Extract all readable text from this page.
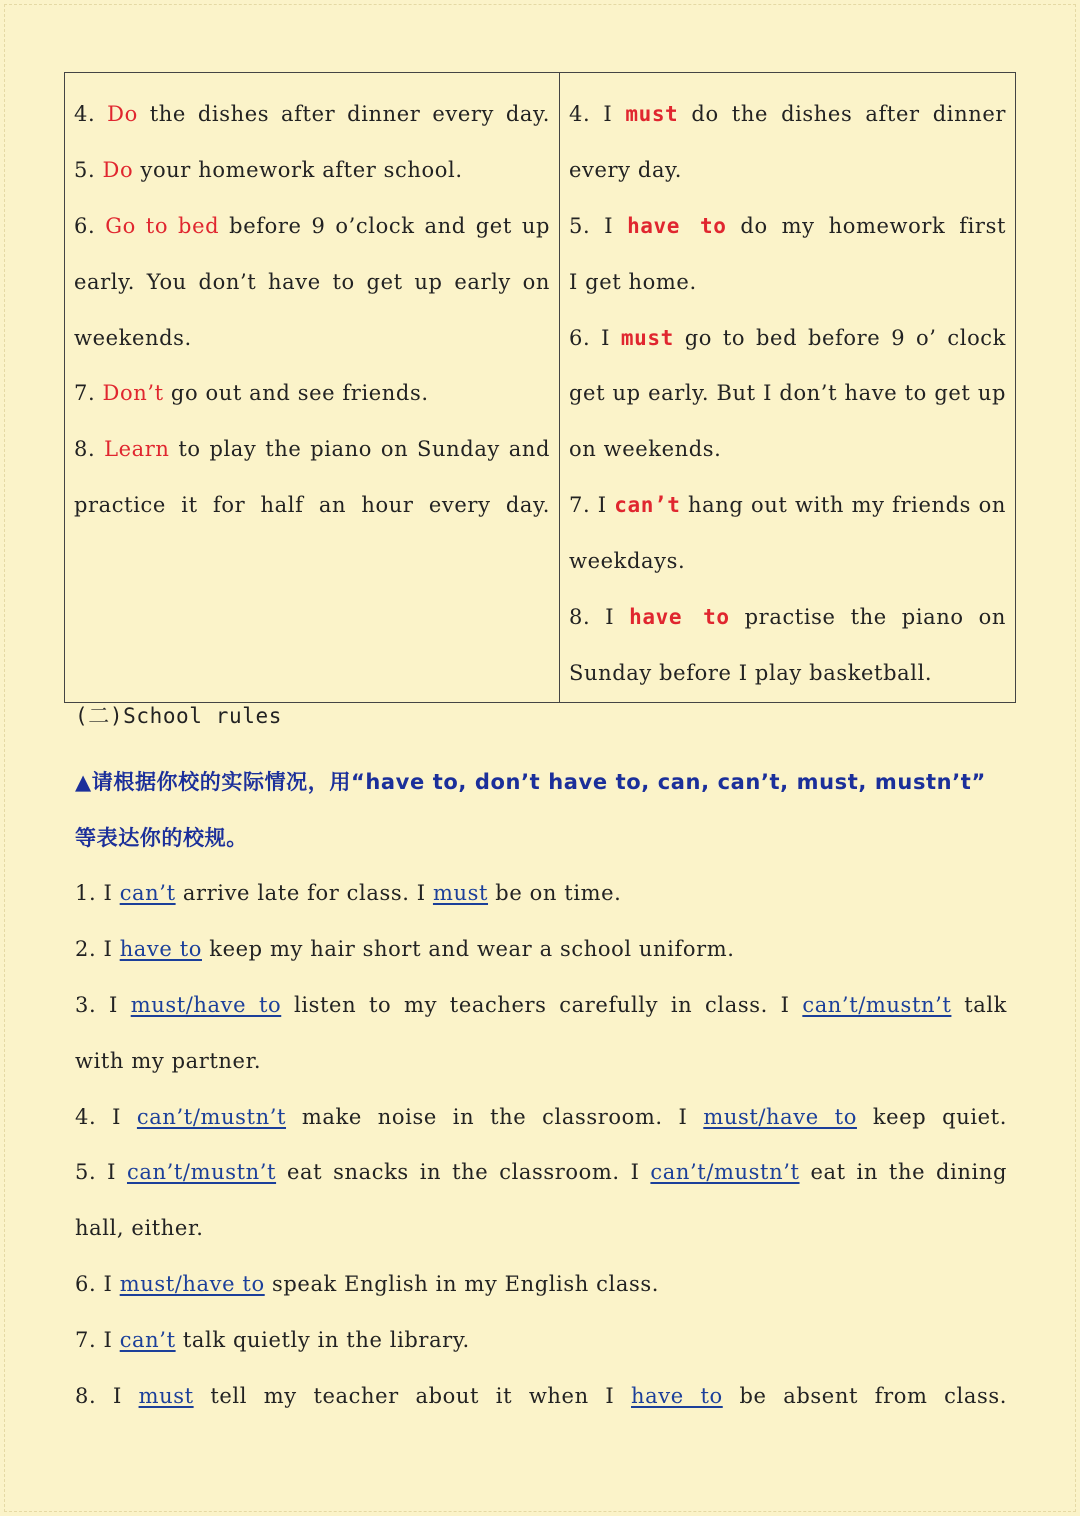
4. Do the dishes after dinner every day.
5. Do your homework after school.
6. Go to bed before 9 o’clock and get up
early. You don’t have to get up early on
weekends.
7. Don’t go out and see friends.
8. Learn to play the piano on Sunday and
practice it for half an hour every day.

4. I must do the dishes after dinner
every day.
5. I have to do my homework first
I get home.
6. I must go to bed before 9 o’ clock
get up early. But I don’t have to get up
on weekends.
7. I can’t hang out with my friends on
weekdays.
8. I have to practise the piano on
Sunday before I play basketball.
(二)School rules
▲请根据你校的实际情况，用“have to, don’t have to, can, can’t, must, mustn’t”
等表达你的校规。
1. I can’t arrive late for class. I must be on time.
2. I have to keep my hair short and wear a school uniform.
3. I must/have to listen to my teachers carefully in class. I can’t/mustn’t talk
with my partner.
4. I can’t/mustn’t make noise in the classroom. I must/have to keep quiet.
5. I can’t/mustn’t eat snacks in the classroom. I can’t/mustn’t eat in the dining
hall, either.
6. I must/have to speak English in my English class.
7. I can’t talk quietly in the library.
8. I must tell my teacher about it when I have to be absent from class.
